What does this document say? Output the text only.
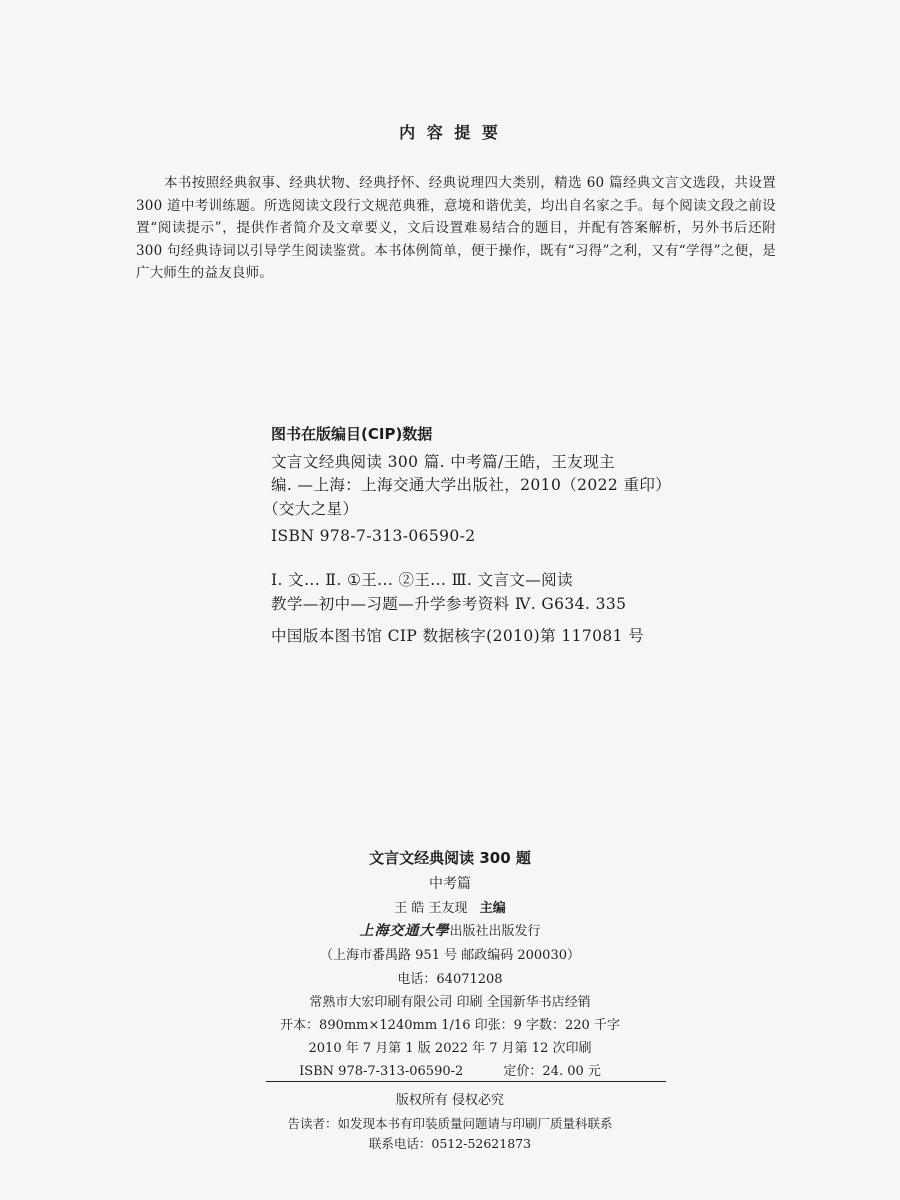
内 容 提 要

本书按照经典叙事、经典状物、经典抒怀、经典说理四大类别，精选 60 篇经典文言文选段，共设置 300 道中考训练题。所选阅读文段行文规范典雅，意境和谐优美，均出自名家之手。每个阅读文段之前设置“阅读提示”，提供作者简介及文章要义，文后设置难易结合的题目，并配有答案解析，另外书后还附 300 句经典诗词以引导学生阅读鉴赏。本书体例简单，便于操作，既有“习得”之利，又有“学得”之便，是广大师生的益友良师。

图书在版编目(CIP)数据
文言文经典阅读 300 篇. 中考篇/王皓，王友现主
编. —上海：上海交通大学出版社，2010（2022 重印）
（交大之星）
ISBN 978-7-313-06590-2
Ⅰ. 文... Ⅱ. ①王... ②王... Ⅲ. 文言文—阅读
教学—初中—习题—升学参考资料 Ⅳ. G634. 335
中国版本图书馆 CIP 数据核字(2010)第 117081 号
文言文经典阅读 300 题
中考篇
王 皓 王友现 主编
上海交通大學出版社出版发行
（上海市番禺路 951 号 邮政编码 200030）
电话：64071208
常熟市大宏印刷有限公司 印刷 全国新华书店经销
开本：890mm×1240mm 1/16 印张：9 字数：220 千字
2010 年 7 月第 1 版 2022 年 7 月第 12 次印刷
ISBN 978-7-313-06590-2	定价：24. 00 元
版权所有 侵权必究
告读者：如发现本书有印装质量问题请与印刷厂质量科联系
联系电话：0512-52621873
